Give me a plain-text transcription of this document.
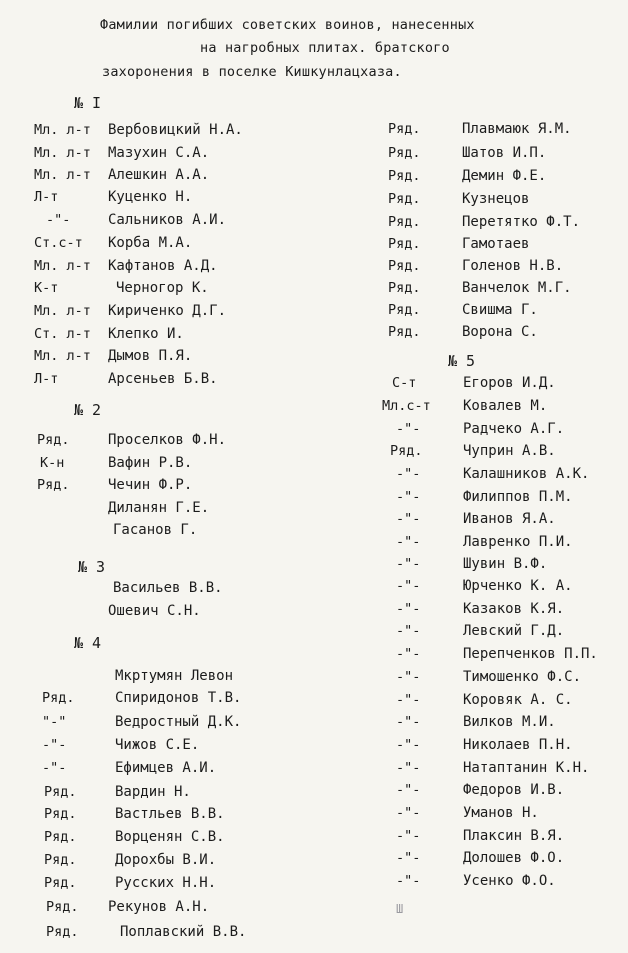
Фамилии погибших советских воинов, нанесенных
на нагробных плитах. братского
захоронения в поселке Кишкунлацхаза.
№ I
Мл. л-т Вербовицкий Н.А.
Мл. л-т Мазухин С.А.
Мл. л-т Алешкин А.А.
Л-т	Куценко Н.
-"-	Сальников А.И.
Ст.с-т Корба М.А.
Мл. л-т Кафтанов А.Д.
К-т	Черногор К.
Мл. л-т Кириченко Д.Г.
Ст. л-т Клепко И.
Мл. л-т Дымов П.Я.
Л-т	Арсеньев Б.В.
№ 2
Ряд.	Проселков Ф.Н.
К-н	Вафин Р.В.
Ряд.	Чечин Ф.Р.
Диланян Г.Е.
Гасанов Г.
№ 3
Васильев В.В.
Ошевич С.Н.
№ 4
Мкртумян Левон
Ряд.	Спиридонов Т.В.
"-"	Ведростный Д.К.
-"-	Чижов С.Е.
-"-	Ефимцев А.И.
Ряд.	Вардин Н.
Ряд.	Вастльев В.В.
Ряд.	Ворценян С.В.
Ряд.	Дорохбы В.И.
Ряд.	Русских Н.Н.
Ряд. Рекунов А.Н.
Ряд.	Поплавский В.В.
Ряд.	Плавмаюк Я.М.
Ряд.	Шатов И.П.
Ряд.	Демин Ф.Е.
Ряд.	Кузнецов
Ряд.	Перетятко Ф.Т.
Ряд.	Гамотаев
Ряд.	Голенов Н.В.
Ряд.	Ванчелок М.Г.
Ряд.	Свишма Г.
Ряд.	Ворона С.
№ 5
С-т	Егоров И.Д.
Мл.с-т Ковалев М.
-"-	Радчеко А.Г.
Ряд.	Чуприн А.В.
-"-	Калашников А.К.
-"-	Филиппов П.М.
-"-	Иванов Я.А.
-"-	Лавренко П.И.
-"-	Шувин В.Ф.
-"-	Юрченко К. А.
-"-	Казаков К.Я.
-"-	Левский Г.Д.
-"-	Перепченков П.П.
-"-	Тимошенко Ф.С.
-"-	Коровяк А. С.
-"-	Вилков М.И.
-"-	Николаев П.Н.
-"-	Натаптанин К.Н.
-"-	Федоров И.В.
-"-	Уманов Н.
-"-	Плаксин В.Я.
-"-	Долошев Ф.О.
-"-	Усенко Ф.О.
Ш
